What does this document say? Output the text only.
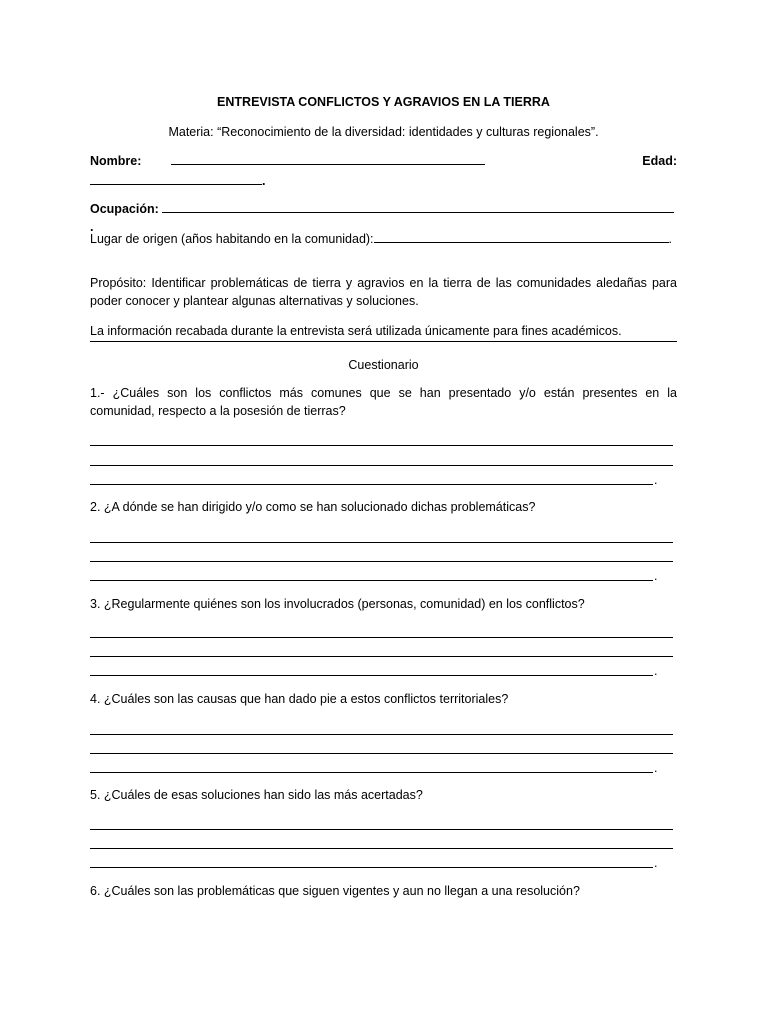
ENTREVISTA CONFLICTOS Y AGRAVIOS EN LA TIERRA
Materia: “Reconocimiento de la diversidad: identidades y culturas regionales”.
Nombre:	Edad:
.
Ocupación: .
Lugar de origen (años habitando en la comunidad):	.
Propósito: Identificar problemáticas de tierra y agravios en la tierra de las comunidades aledañas para poder conocer y plantear algunas alternativas y soluciones.
La información recabada durante la entrevista será utilizada únicamente para fines académicos.
Cuestionario
1.- ¿Cuáles son los conflictos más comunes que se han presentado y/o están presentes en la comunidad, respecto a la posesión de tierras?
.
2. ¿A dónde se han dirigido y/o como se han solucionado dichas problemáticas?
.
3. ¿Regularmente quiénes son los involucrados (personas, comunidad) en los conflictos?
.
4. ¿Cuáles son las causas que han dado pie a estos conflictos territoriales?
.
5. ¿Cuáles de esas soluciones han sido las más acertadas?
.
6. ¿Cuáles son las problemáticas que siguen vigentes y aun no llegan a una resolución?
